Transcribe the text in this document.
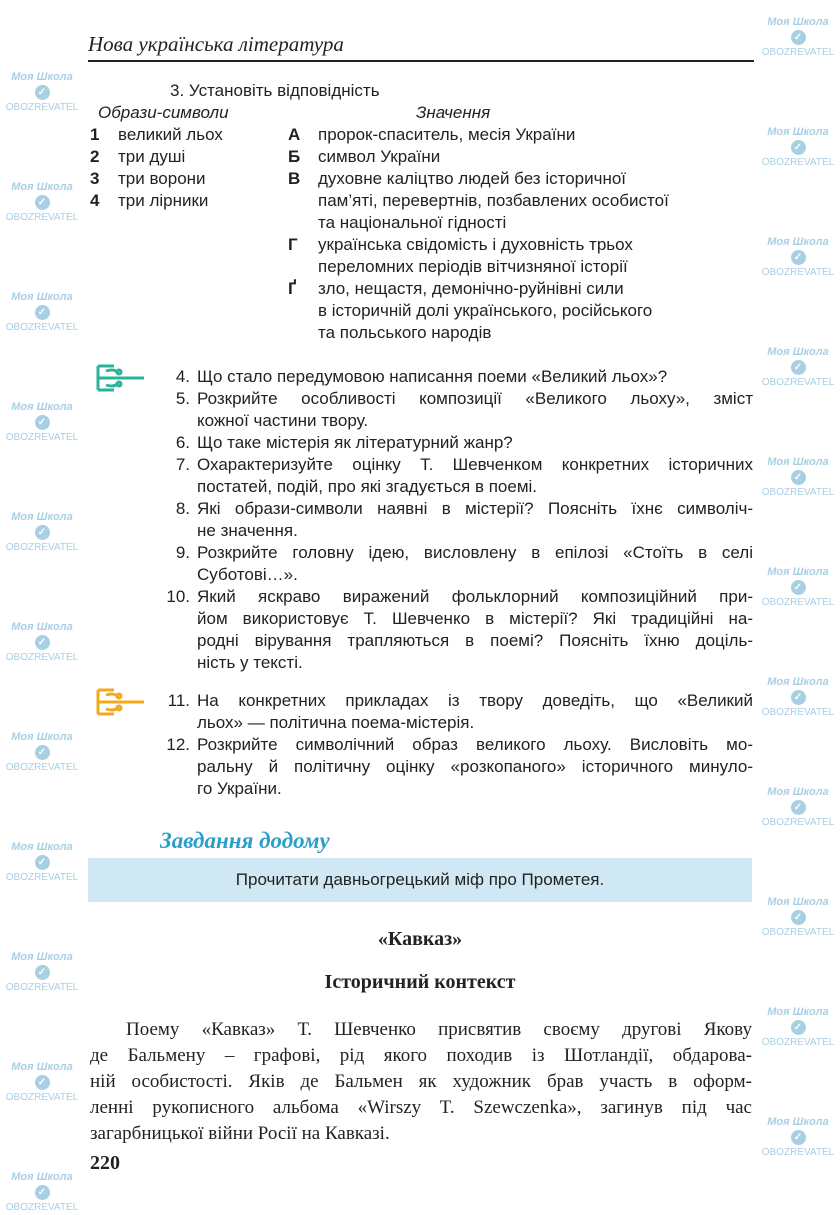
Моя Школа
✓
OBOZREVATEL
Моя Школа
✓
OBOZREVATEL
Моя Школа
✓
OBOZREVATEL
Моя Школа
✓
OBOZREVATEL
Моя Школа
✓
OBOZREVATEL
Моя Школа
✓
OBOZREVATEL
Моя Школа
✓
OBOZREVATEL
Моя Школа
✓
OBOZREVATEL
Моя Школа
✓
OBOZREVATEL
Моя Школа
✓
OBOZREVATEL
Моя Школа
✓
OBOZREVATEL
Моя Школа
✓
OBOZREVATEL
Моя Школа
✓
OBOZREVATEL
Моя Школа
✓
OBOZREVATEL
Моя Школа
✓
OBOZREVATEL
Моя Школа
✓
OBOZREVATEL
Моя Школа
✓
OBOZREVATEL
Моя Школа
✓
OBOZREVATEL
Моя Школа
✓
OBOZREVATEL
Моя Школа
✓
OBOZREVATEL
Моя Школа
✓
OBOZREVATEL
Моя Школа
✓
OBOZREVATEL
Нова українська література
3. Установіть відповідність
Образи-символи	Значення
1 великий льох
2 три душі
3 три ворони
4 три лірники
А пророк-спаситель, месія України
Б символ України
В духовне каліцтво людей без історичної
пам’яті, перевертнів, позбавлених особистої
та національної гідності
Г українська свідомість і духовність трьох
переломних періодів вітчизняної історії
Ґ зло, нещастя, демонічно-руйнівні сили
в історичній долі українського, російського
та польського народів
4. Що стало передумовою написання поеми «Великий льох»?
5. Розкрийте особливості композиції «Великого льоху», зміст
кожної частини твору.
6. Що таке містерія як літературний жанр?
7. Охарактеризуйте оцінку Т. Шевченком конкретних історичних
постатей, подій, про які згадується в поемі.
8. Які образи-символи наявні в містерії? Поясніть їхнє символіч-
не значення.
9. Розкрийте головну ідею, висловлену в епілозі «Стоїть в селі
Суботові…».
10. Який яскраво виражений фольклорний композиційний при-
йом використовує Т. Шевченко в містерії? Які традиційні на-
родні вірування трапляються в поемі? Поясніть їхню доціль-
ність у тексті.
11. На конкретних прикладах із твору доведіть, що «Великий
льох» — політична поема-містерія.
12. Розкрийте символічний образ великого льоху. Висловіть мо-
ральну й політичну оцінку «розкопаного» історичного минуло-
го України.
Завдання додому
Прочитати давньогрецький міф про Прометея.
«Кавказ»
Історичний контекст
Поему «Кавказ» Т. Шевченко присвятив своєму другові Якову
де Бальмену – графові, рід якого походив із Шотландії, обдарова-
ній особистості. Яків де Бальмен як художник брав участь в оформ-
ленні рукописного альбома «Wirszy T. Szewczenka», загинув під час
загарбницької війни Росії на Кавказі.
220
